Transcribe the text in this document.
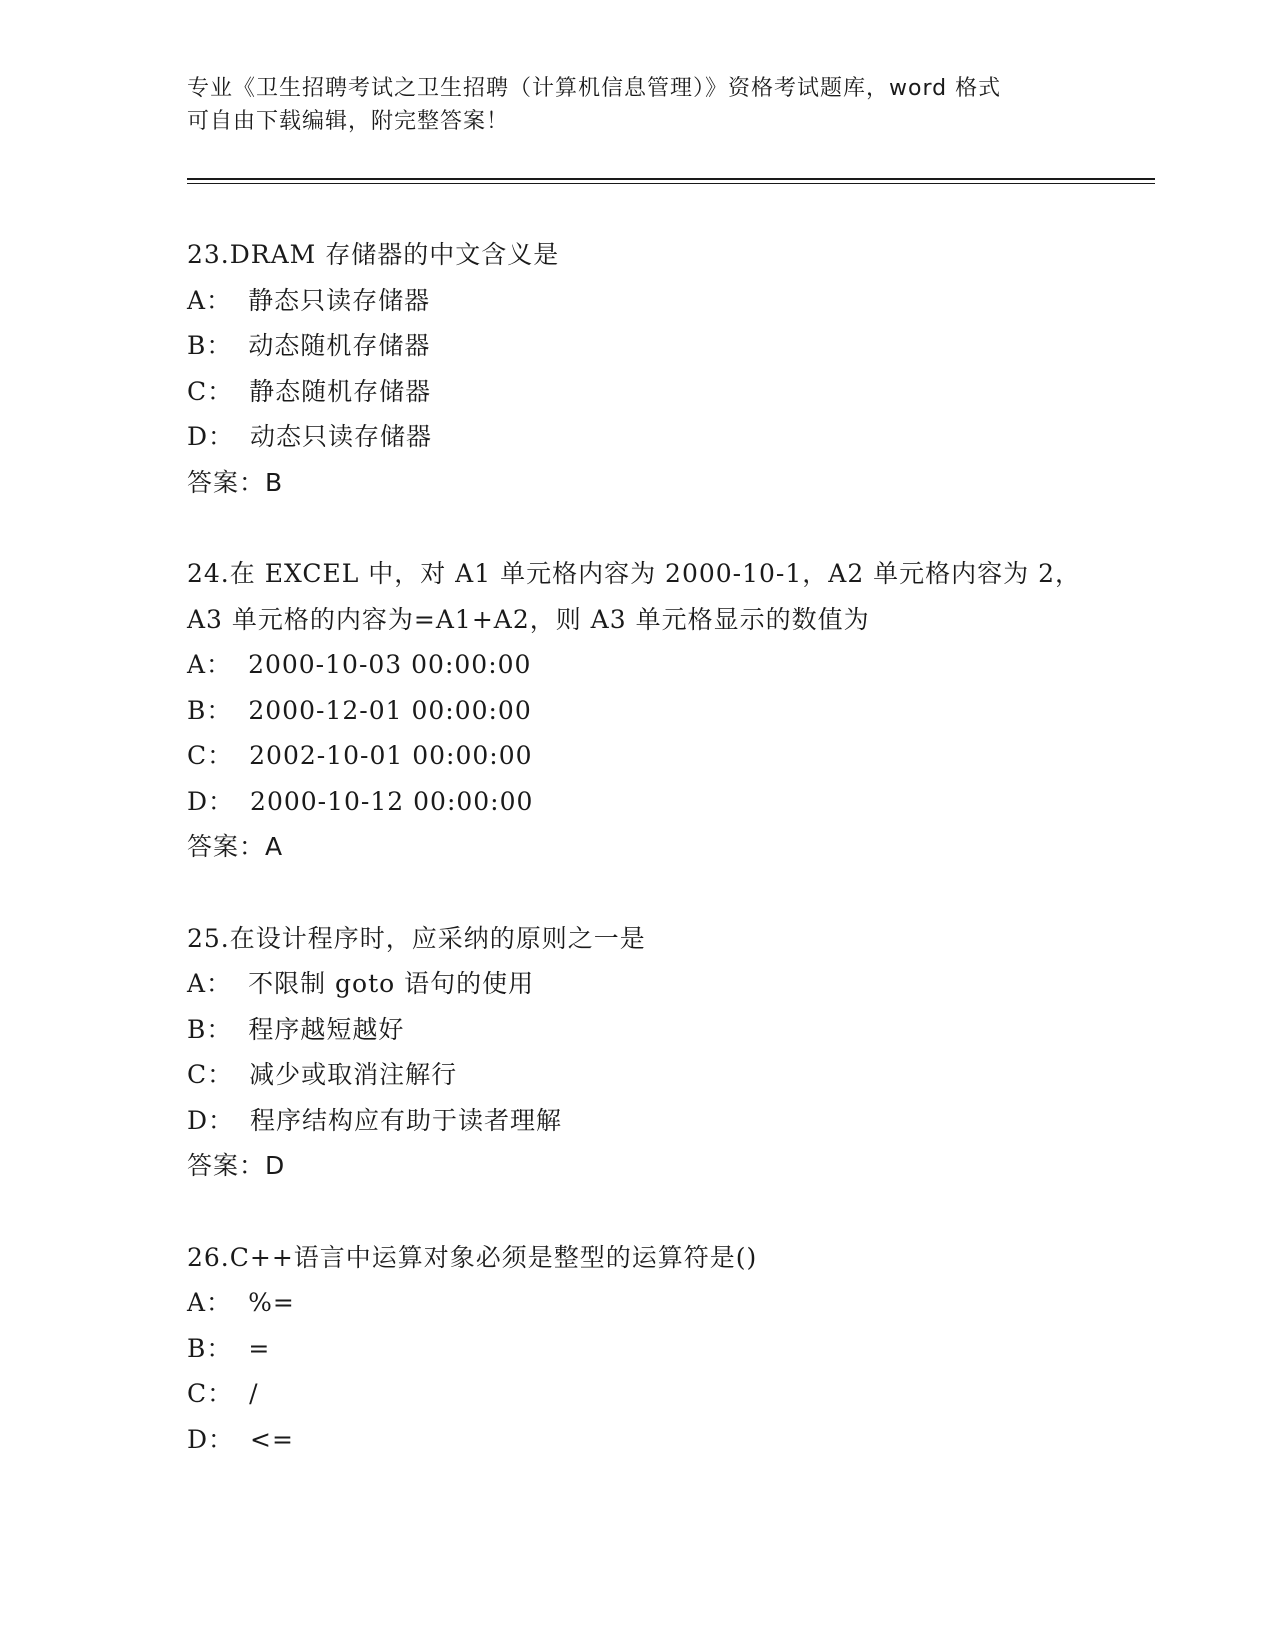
专业《卫生招聘考试之卫生招聘（计算机信息管理）》资格考试题库，word 格式
可自由下载编辑，附完整答案！
23.DRAM 存储器的中文含义是
A： 静态只读存储器
B： 动态随机存储器
C： 静态随机存储器
D： 动态只读存储器
答案：B
24.在 EXCEL 中，对 A1 单元格内容为 2000-10-1，A2 单元格内容为 2，
A3 单元格的内容为=A1+A2，则 A3 单元格显示的数值为
A： 2000-10-03 00:00:00
B： 2000-12-01 00:00:00
C： 2002-10-01 00:00:00
D： 2000-10-12 00:00:00
答案：A
25.在设计程序时，应采纳的原则之一是
A： 不限制 goto 语句的使用
B： 程序越短越好
C： 减少或取消注解行
D： 程序结构应有助于读者理解
答案：D
26.C++语言中运算对象必须是整型的运算符是()
A： %=
B： =
C： /
D： <=
